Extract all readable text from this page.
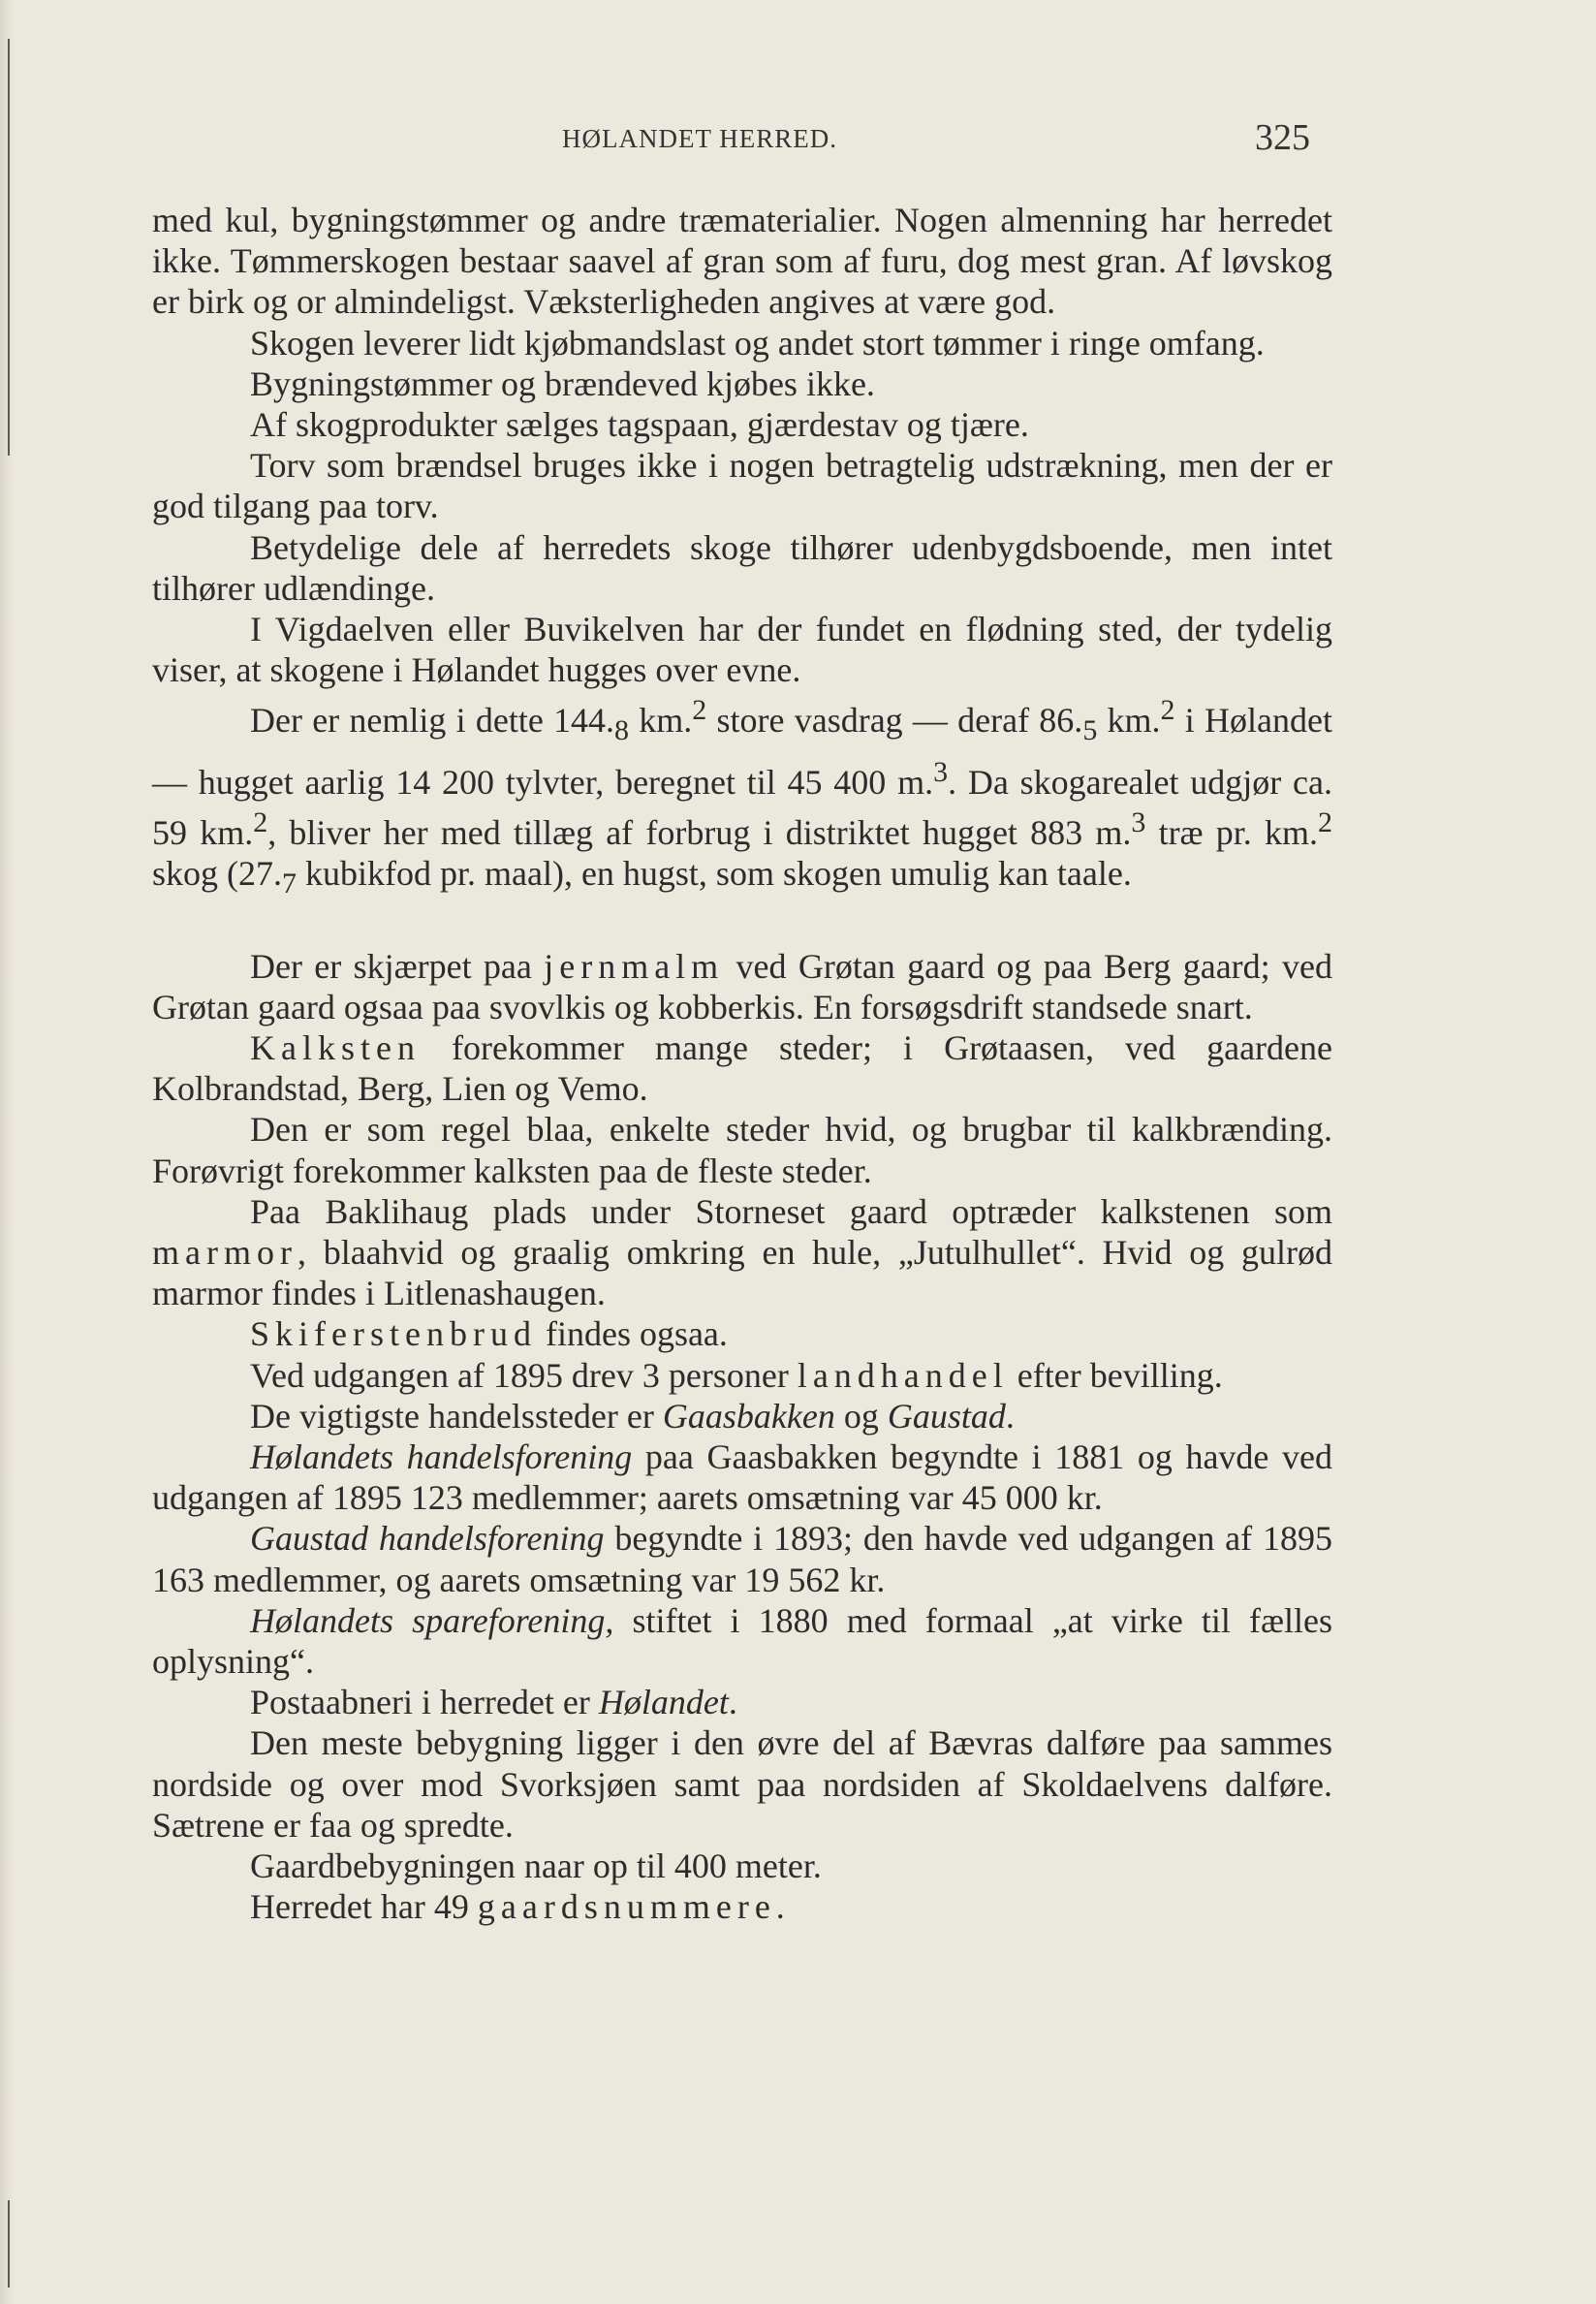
HØLANDET HERRED.	325

med kul, bygningstømmer og andre træmaterialier. Nogen almenning har herredet ikke. Tømmerskogen bestaar saavel af gran som af furu, dog mest gran. Af løvskog er birk og or almindeligst. Væksterligheden angives at være god.

Skogen leverer lidt kjøbmandslast og andet stort tømmer i ringe omfang.

Bygningstømmer og brændeved kjøbes ikke.

Af skogprodukter sælges tagspaan, gjærdestav og tjære.

Torv som brændsel bruges ikke i nogen betragtelig udstrækning, men der er god tilgang paa torv.

Betydelige dele af herredets skoge tilhører udenbygdsboende, men intet tilhører udlændinge.

I Vigdaelven eller Buvikelven har der fundet en flødning sted, der tydelig viser, at skogene i Hølandet hugges over evne.

Der er nemlig i dette $144._8$ km.$^2$ store vasdrag — deraf $86._5$ km.$^2$ i Hølandet — hugget aarlig 14 200 tylvter, beregnet til 45 400 m.$^3$. Da skogarealet udgjør ca. 59 km.$^2$, bliver her med tillæg af forbrug i distriktet hugget 883 m.$^3$ træ pr. km.$^2$ skog ($27._7$ kubikfod pr. maal), en hugst, som skogen umulig kan taale.

Der er skjærpet paa jernmalm ved Grøtan gaard og paa Berg gaard; ved Grøtan gaard ogsaa paa svovlkis og kobberkis. En forsøgsdrift standsede snart.

Kalksten forekommer mange steder; i Grøtaasen, ved gaardene Kolbrandstad, Berg, Lien og Vemo.

Den er som regel blaa, enkelte steder hvid, og brugbar til kalkbrænding. Forøvrigt forekommer kalksten paa de fleste steder.

Paa Baklihaug plads under Storneset gaard optræder kalkstenen som marmor, blaahvid og graalig omkring en hule, „Jutulhullet“. Hvid og gulrød marmor findes i Litlenashaugen.

Skiferstenbrud findes ogsaa.

Ved udgangen af 1895 drev 3 personer landhandel efter bevilling.

De vigtigste handelssteder er Gaasbakken og Gaustad.

Hølandets handelsforening paa Gaasbakken begyndte i 1881 og havde ved udgangen af 1895 123 medlemmer; aarets omsætning var 45 000 kr.

Gaustad handelsforening begyndte i 1893; den havde ved udgangen af 1895 163 medlemmer, og aarets omsætning var 19 562 kr.

Hølandets spareforening, stiftet i 1880 med formaal „at virke til fælles oplysning“.

Postaabneri i herredet er Hølandet.

Den meste bebygning ligger i den øvre del af Bævras dalføre paa sammes nordside og over mod Svorksjøen samt paa nordsiden af Skoldaelvens dalføre. Sætrene er faa og spredte.

Gaardbebygningen naar op til 400 meter.

Herredet har 49 gaardsnummere.
